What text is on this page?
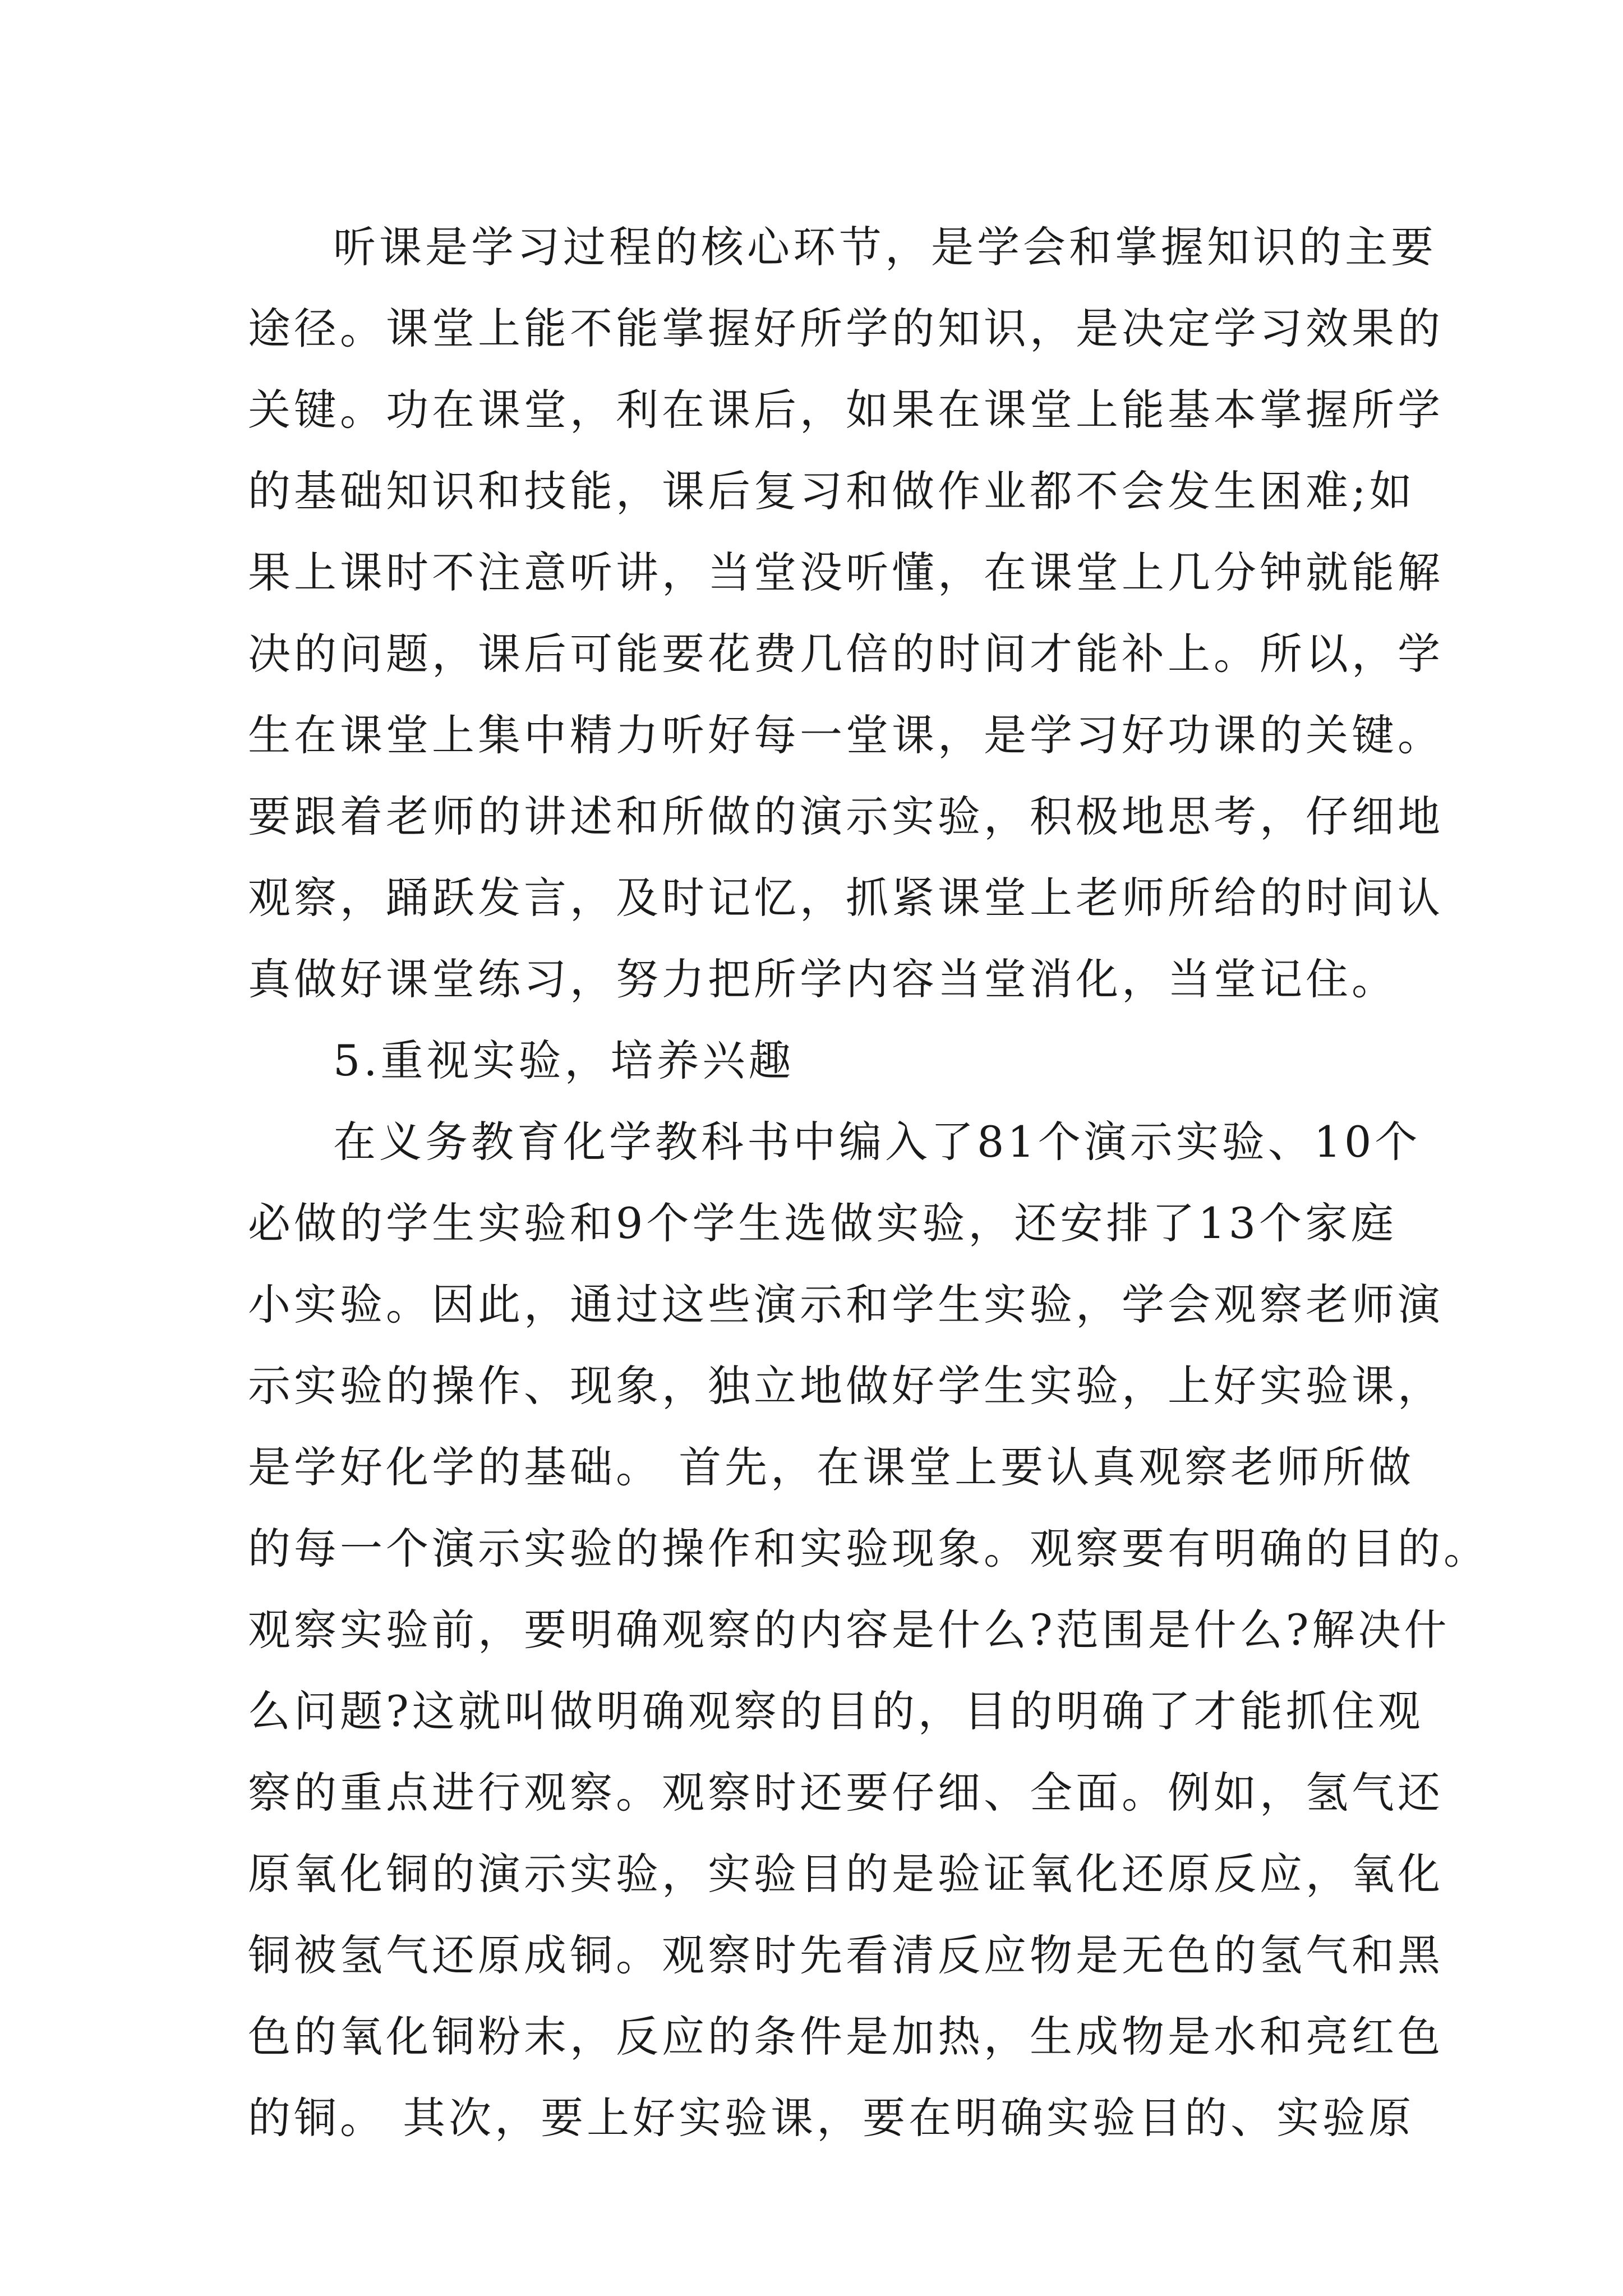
听课是学习过程的核心环节，是学会和掌握知识的主要
途径。课堂上能不能掌握好所学的知识，是决定学习效果的
关键。功在课堂，利在课后，如果在课堂上能基本掌握所学
的基础知识和技能，课后复习和做作业都不会发生困难;如
果上课时不注意听讲，当堂没听懂，在课堂上几分钟就能解
决的问题，课后可能要花费几倍的时间才能补上。所以，学
生在课堂上集中精力听好每一堂课，是学习好功课的关键。
要跟着老师的讲述和所做的演示实验，积极地思考，仔细地
观察，踊跃发言，及时记忆，抓紧课堂上老师所给的时间认
真做好课堂练习，努力把所学内容当堂消化，当堂记住。
5.重视实验，培养兴趣
在义务教育化学教科书中编入了81个演示实验、10个
必做的学生实验和9个学生选做实验，还安排了13个家庭
小实验。因此，通过这些演示和学生实验，学会观察老师演
示实验的操作、现象，独立地做好学生实验，上好实验课，
是学好化学的基础。 首先，在课堂上要认真观察老师所做
的每一个演示实验的操作和实验现象。观察要有明确的目的。
观察实验前，要明确观察的内容是什么?范围是什么?解决什
么问题?这就叫做明确观察的目的，目的明确了才能抓住观
察的重点进行观察。观察时还要仔细、全面。例如，氢气还
原氧化铜的演示实验，实验目的是验证氧化还原反应，氧化
铜被氢气还原成铜。观察时先看清反应物是无色的氢气和黑
色的氧化铜粉末，反应的条件是加热，生成物是水和亮红色
的铜。 其次，要上好实验课，要在明确实验目的、实验原
